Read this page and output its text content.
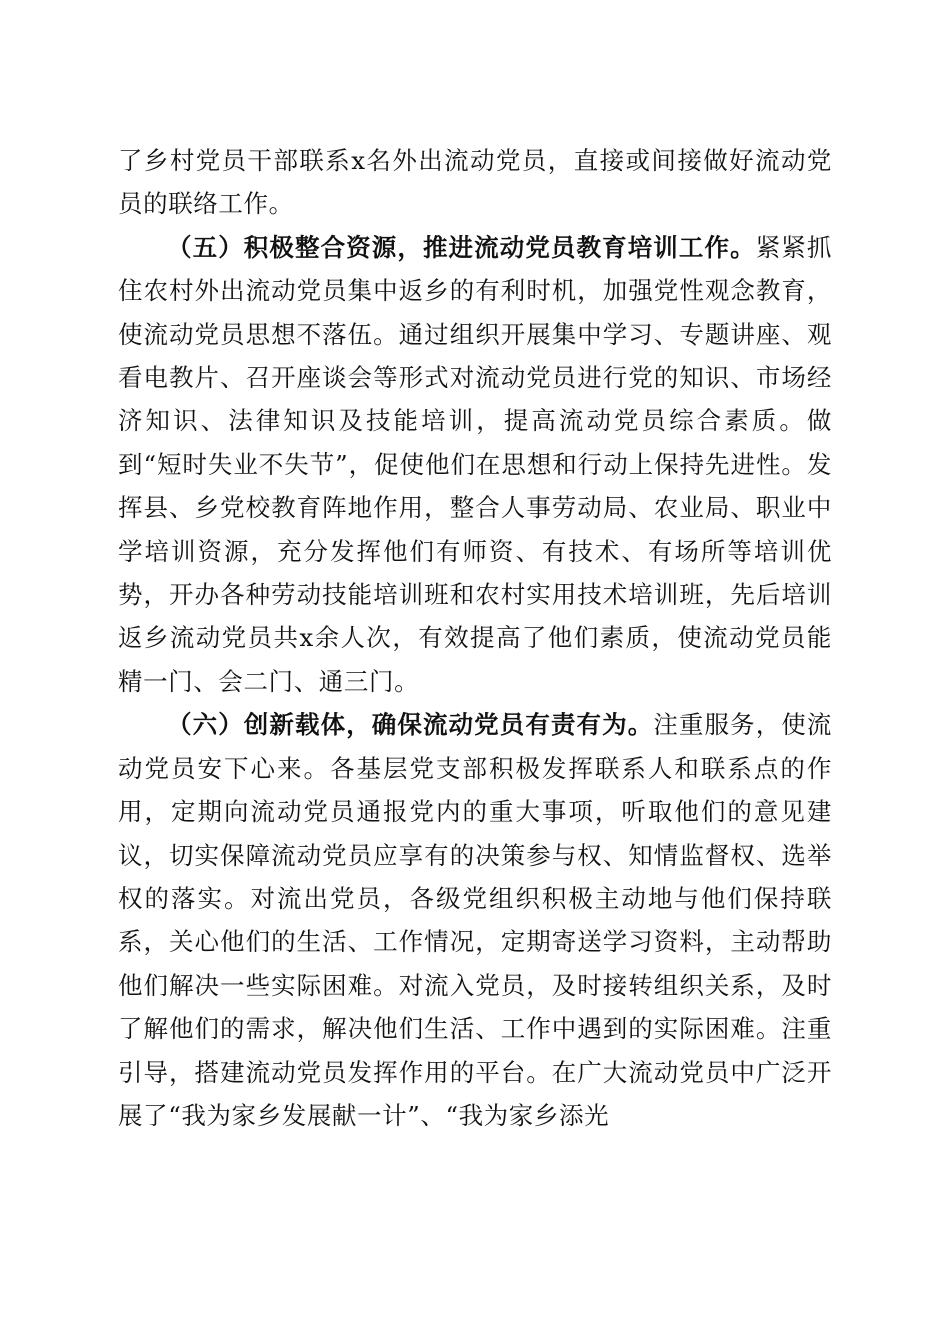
了乡村党员干部联系x名外出流动党员，直接或间接做好流动党员的联络工作。

（五）积极整合资源，推进流动党员教育培训工作。紧紧抓住农村外出流动党员集中返乡的有利时机，加强党性观念教育，使流动党员思想不落伍。通过组织开展集中学习、专题讲座、观看电教片、召开座谈会等形式对流动党员进行党的知识、市场经济知识、法律知识及技能培训，提高流动党员综合素质。做到“短时失业不失节”，促使他们在思想和行动上保持先进性。发挥县、乡党校教育阵地作用，整合人事劳动局、农业局、职业中学培训资源，充分发挥他们有师资、有技术、有场所等培训优势，开办各种劳动技能培训班和农村实用技术培训班，先后培训返乡流动党员共x余人次，有效提高了他们素质，使流动党员能精一门、会二门、通三门。

（六）创新载体，确保流动党员有责有为。注重服务，使流动党员安下心来。各基层党支部积极发挥联系人和联系点的作用，定期向流动党员通报党内的重大事项，听取他们的意见建议，切实保障流动党员应享有的决策参与权、知情监督权、选举权的落实。对流出党员，各级党组织积极主动地与他们保持联系，关心他们的生活、工作情况，定期寄送学习资料，主动帮助他们解决一些实际困难。对流入党员，及时接转组织关系，及时了解他们的需求，解决他们生活、工作中遇到的实际困难。注重引导，搭建流动党员发挥作用的平台。在广大流动党员中广泛开展了“我为家乡发展献一计”、“我为家乡添光
